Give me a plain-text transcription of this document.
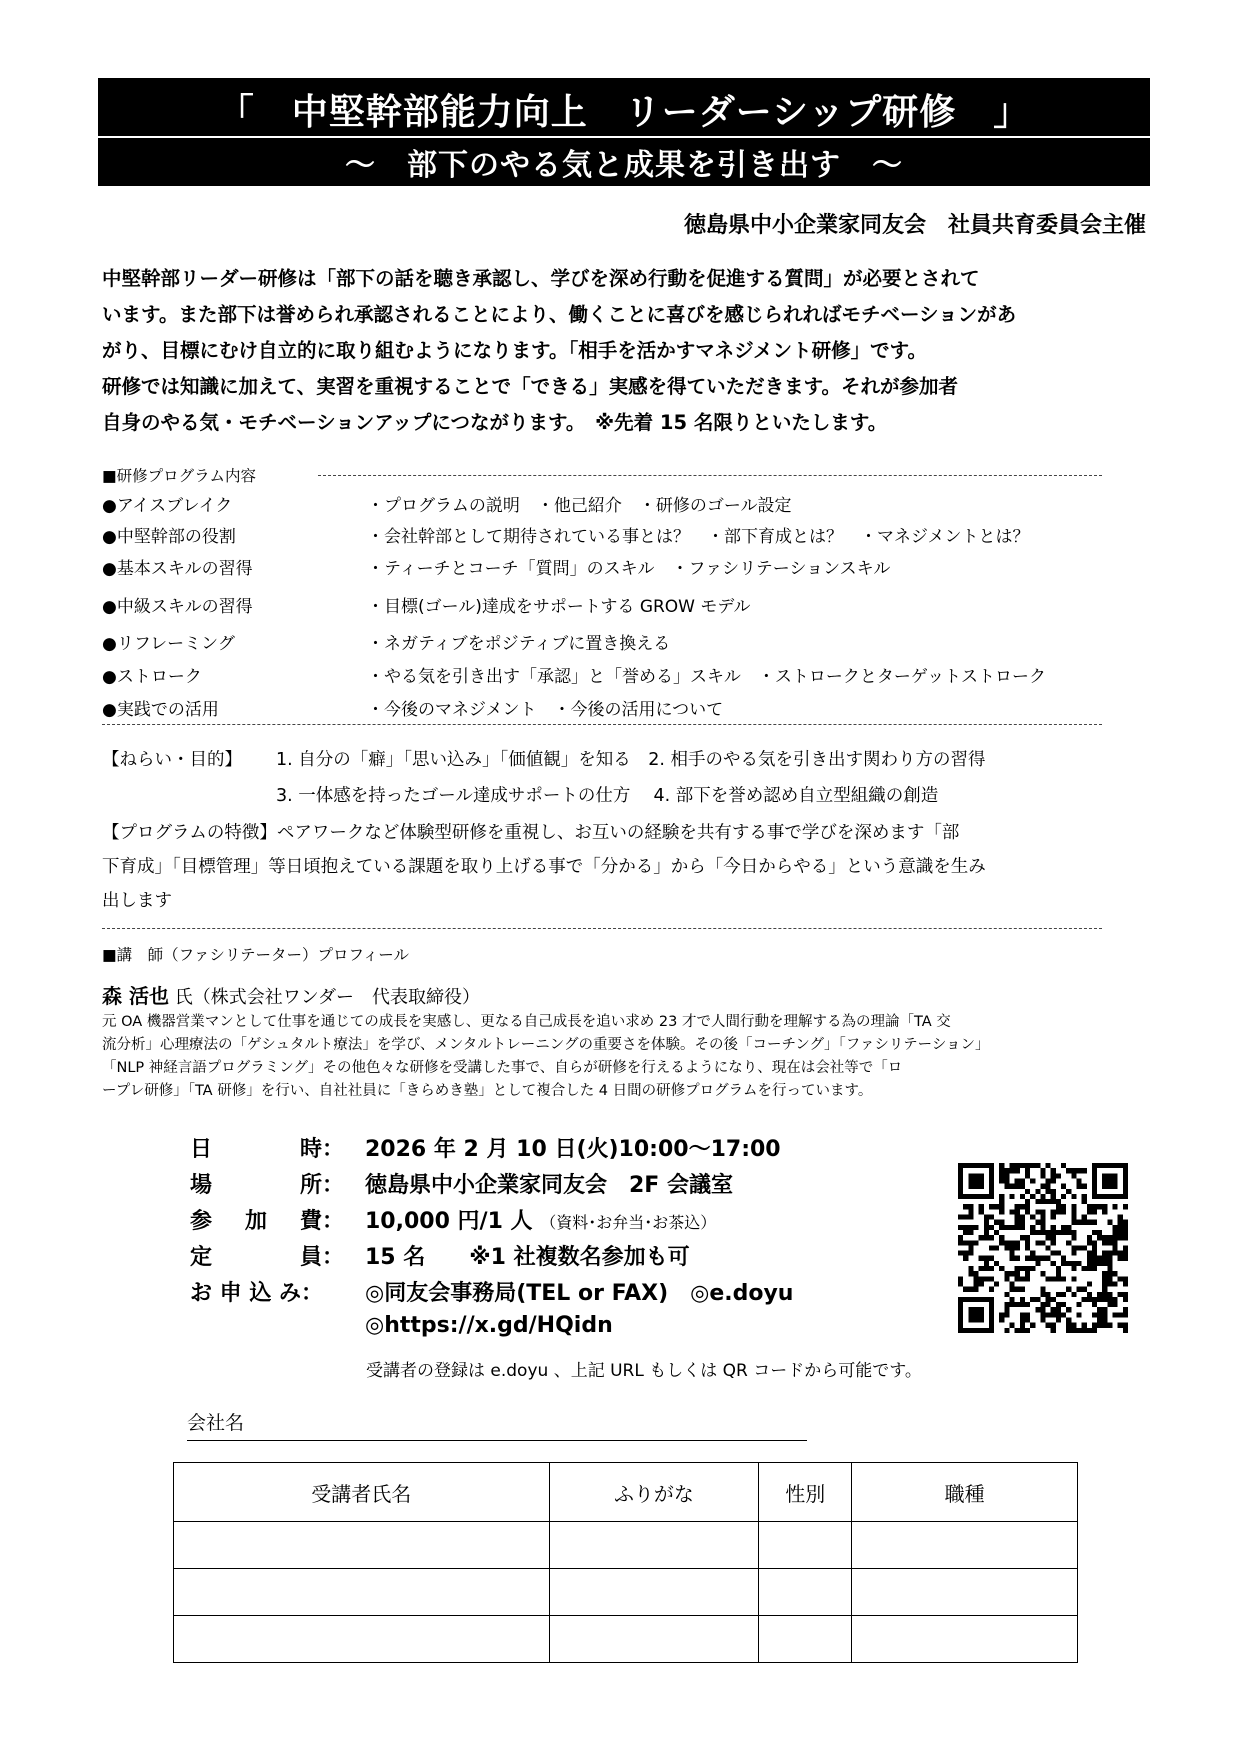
「　中堅幹部能力向上　リーダーシップ研修　」
〜　部下のやる気と成果を引き出す　〜
徳島県中小企業家同友会　社員共育委員会主催
中堅幹部リーダー研修は「部下の話を聴き承認し、学びを深め行動を促進する質問」が必要とされて
います。また部下は誉められ承認されることにより、働くことに喜びを感じられればモチベーションがあ
がり、目標にむけ自立的に取り組むようになります。「相手を活かすマネジメント研修」です。
研修では知識に加えて、実習を重視することで「できる」実感を得ていただきます。それが参加者
自身のやる気・モチベーションアップにつながります。　※先着 15 名限りといたします。
■研修プログラム内容
●アイスブレイク	・プログラムの説明　・他己紹介　・研修のゴール設定
●中堅幹部の役割	・会社幹部として期待されている事とは？　・部下育成とは？　・マネジメントとは？
●基本スキルの習得	・ティーチとコーチ「質問」のスキル　・ファシリテーションスキル
●中級スキルの習得	・目標(ゴール)達成をサポートする GROW モデル
●リフレーミング	・ネガティブをポジティブに置き換える
●ストローク	・やる気を引き出す「承認」と「誉める」スキル　・ストロークとターゲットストローク
●実践での活用	・今後のマネジメント　・今後の活用について
【ねらい・目的】 1. 自分の「癖」「思い込み」「価値観」を知る　2. 相手のやる気を引き出す関わり方の習得
3. 一体感を持ったゴール達成サポートの仕方　 4. 部下を誉め認め自立型組織の創造
【プログラムの特徴】ペアワークなど体験型研修を重視し、お互いの経験を共有する事で学びを深めます「部
下育成」「目標管理」等日頃抱えている課題を取り上げる事で「分かる」から「今日からやる」という意識を生み
出します
■講　師（ファシリテーター）プロフィール
森 活也 氏（株式会社ワンダー　代表取締役）
元 OA 機器営業マンとして仕事を通じての成長を実感し、更なる自己成長を追い求め 23 才で人間行動を理解する為の理論「TA 交
流分析」心理療法の「ゲシュタルト療法」を学び、メンタルトレーニングの重要さを体験。その後「コーチング」「ファシリテーション」
「NLP 神経言語プログラミング」その他色々な研修を受講した事で、自らが研修を行えるようになり、現在は会社等で「ロ
ープレ研修」「TA 研修」を行い、自社社員に「きらめき塾」として複合した 4 日間の研修プログラムを行っています。
日	時： 2026 年 2 月 10 日(火)10:00〜17:00
場	所： 徳島県中小企業家同友会　2F 会議室
参 加 費： 10,000 円/1 人 （資料･お弁当･お茶込）
定	員： 15 名　　※1 社複数名参加も可
お 申 込 み：	◎同友会事務局(TEL or FAX)　◎e.doyu
◎https://x.gd/HQidn
受講者の登録は e.doyu 、上記 URL もしくは QR コードから可能です。
会社名
受講者氏名	ふりがな	性別	職種
